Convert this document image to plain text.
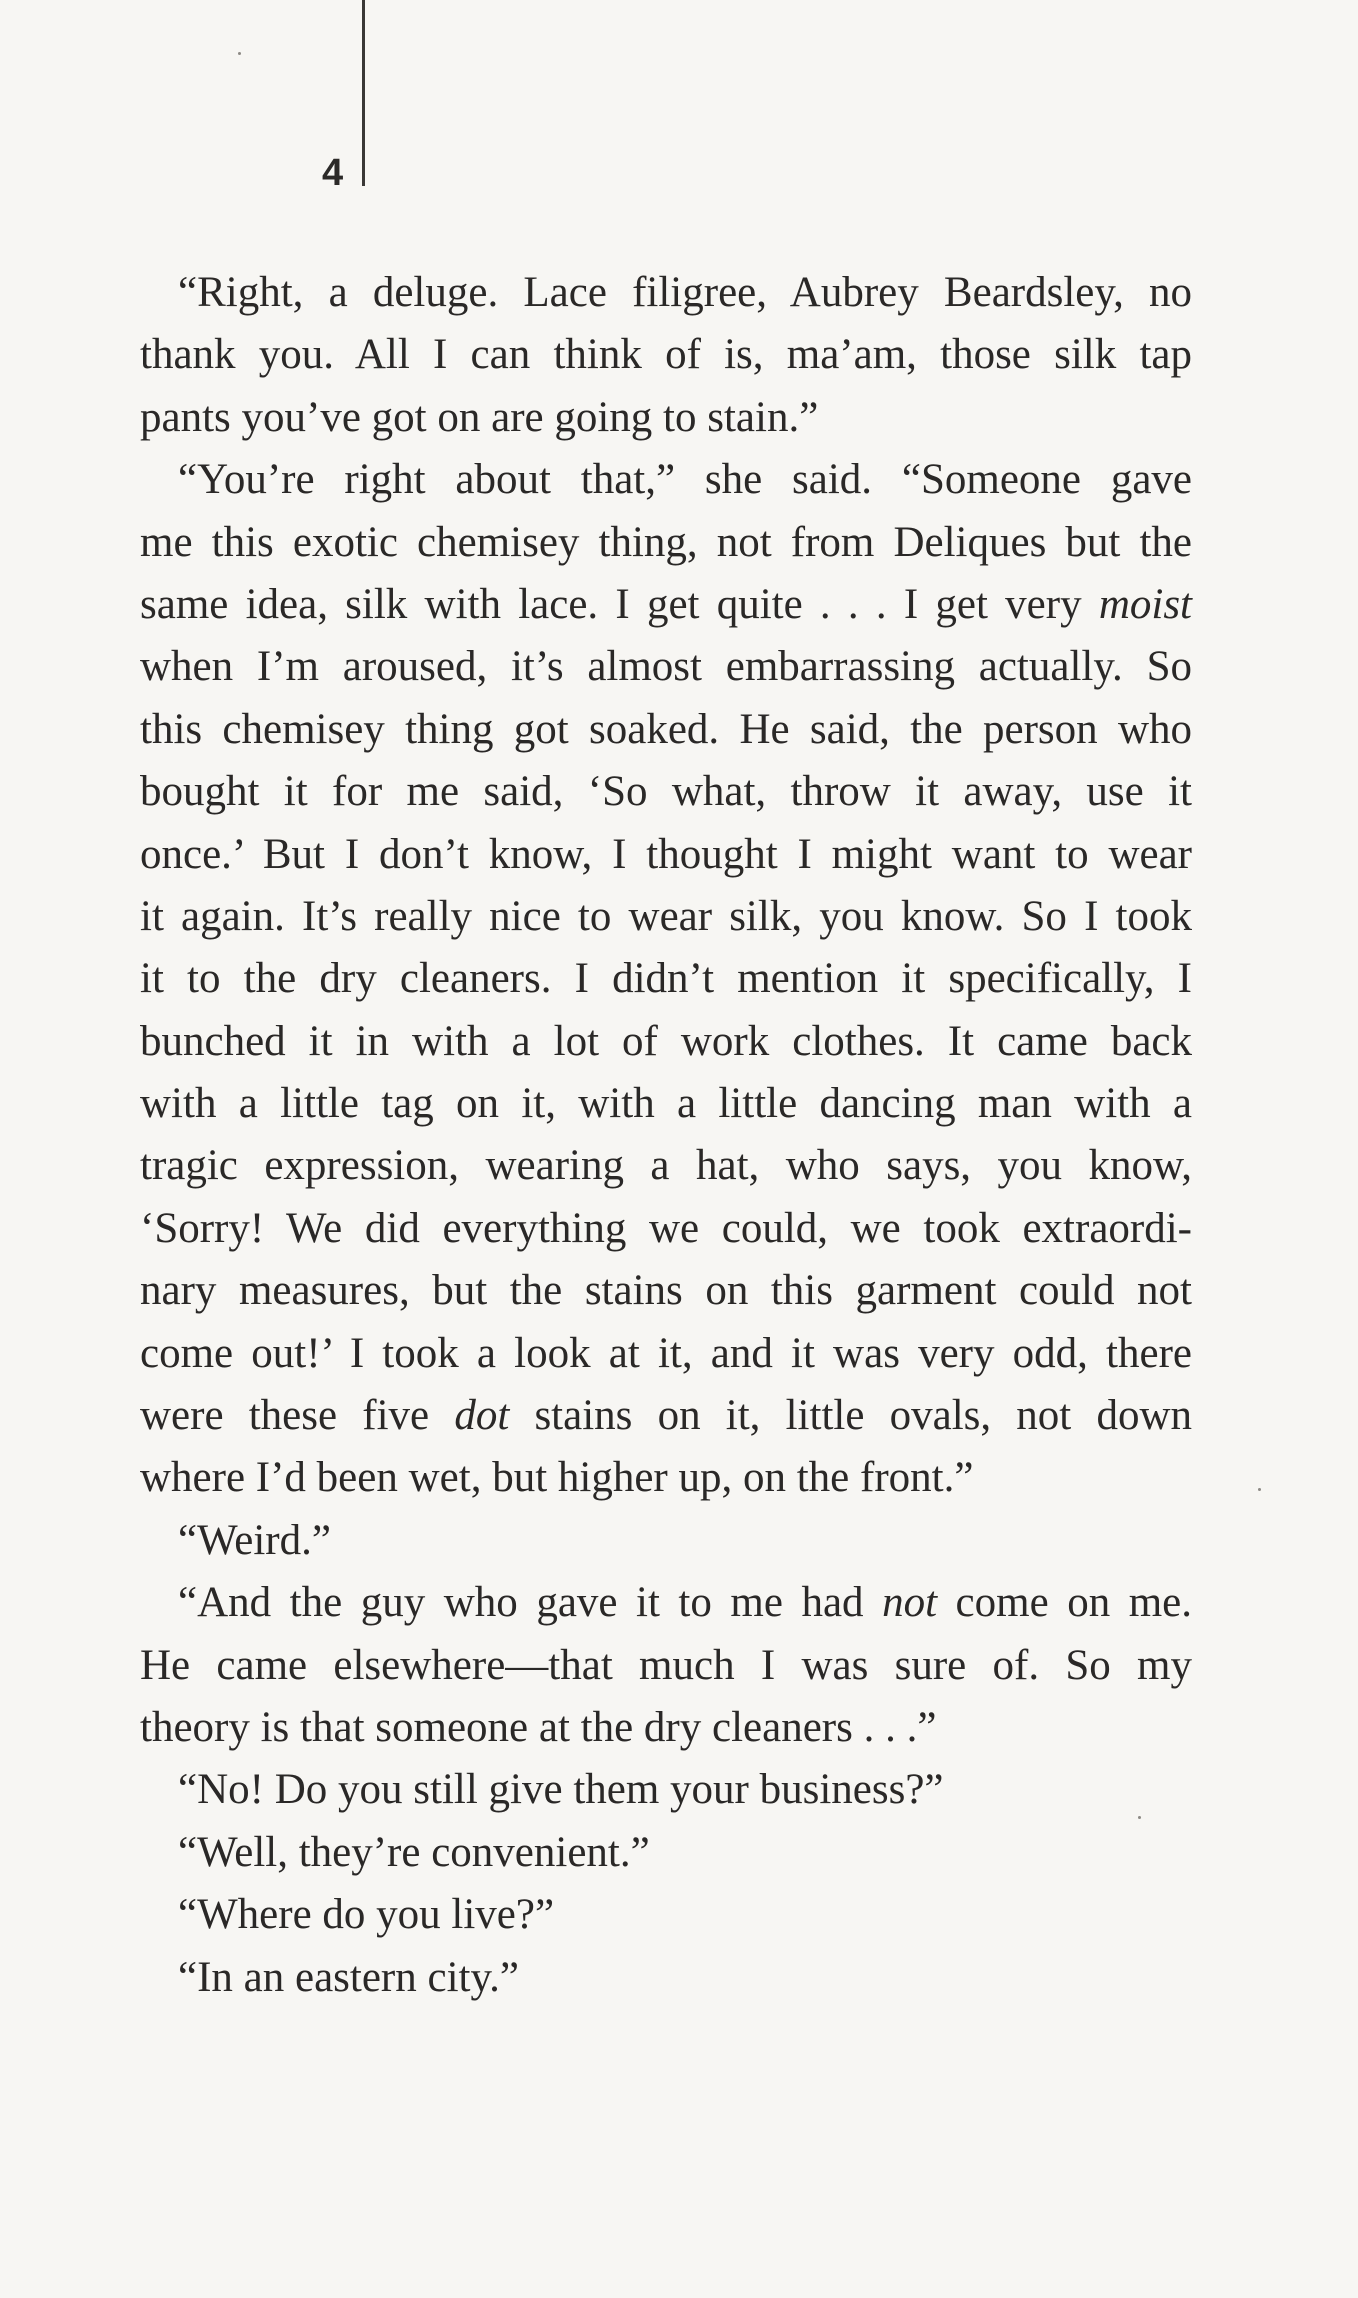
4
“Right, a deluge. Lace filigree, Aubrey Beardsley, no
thank you. All I can think of is, ma’am, those silk tap
pants you’ve got on are going to stain.”
“You’re right about that,” she said. “Someone gave
me this exotic chemisey thing, not from Deliques but the
same idea, silk with lace. I get quite . . . I get very moist
when I’m aroused, it’s almost embarrassing actually. So
this chemisey thing got soaked. He said, the person who
bought it for me said, ‘So what, throw it away, use it
once.’ But I don’t know, I thought I might want to wear
it again. It’s really nice to wear silk, you know. So I took
it to the dry cleaners. I didn’t mention it specifically, I
bunched it in with a lot of work clothes. It came back
with a little tag on it, with a little dancing man with a
tragic expression, wearing a hat, who says, you know,
‘Sorry! We did everything we could, we took extraordi-
nary measures, but the stains on this garment could not
come out!’ I took a look at it, and it was very odd, there
were these five dot stains on it, little ovals, not down
where I’d been wet, but higher up, on the front.”
“Weird.”
“And the guy who gave it to me had not come on me.
He came elsewhere—that much I was sure of. So my
theory is that someone at the dry cleaners . . .”
“No! Do you still give them your business?”
“Well, they’re convenient.”
“Where do you live?”
“In an eastern city.”
